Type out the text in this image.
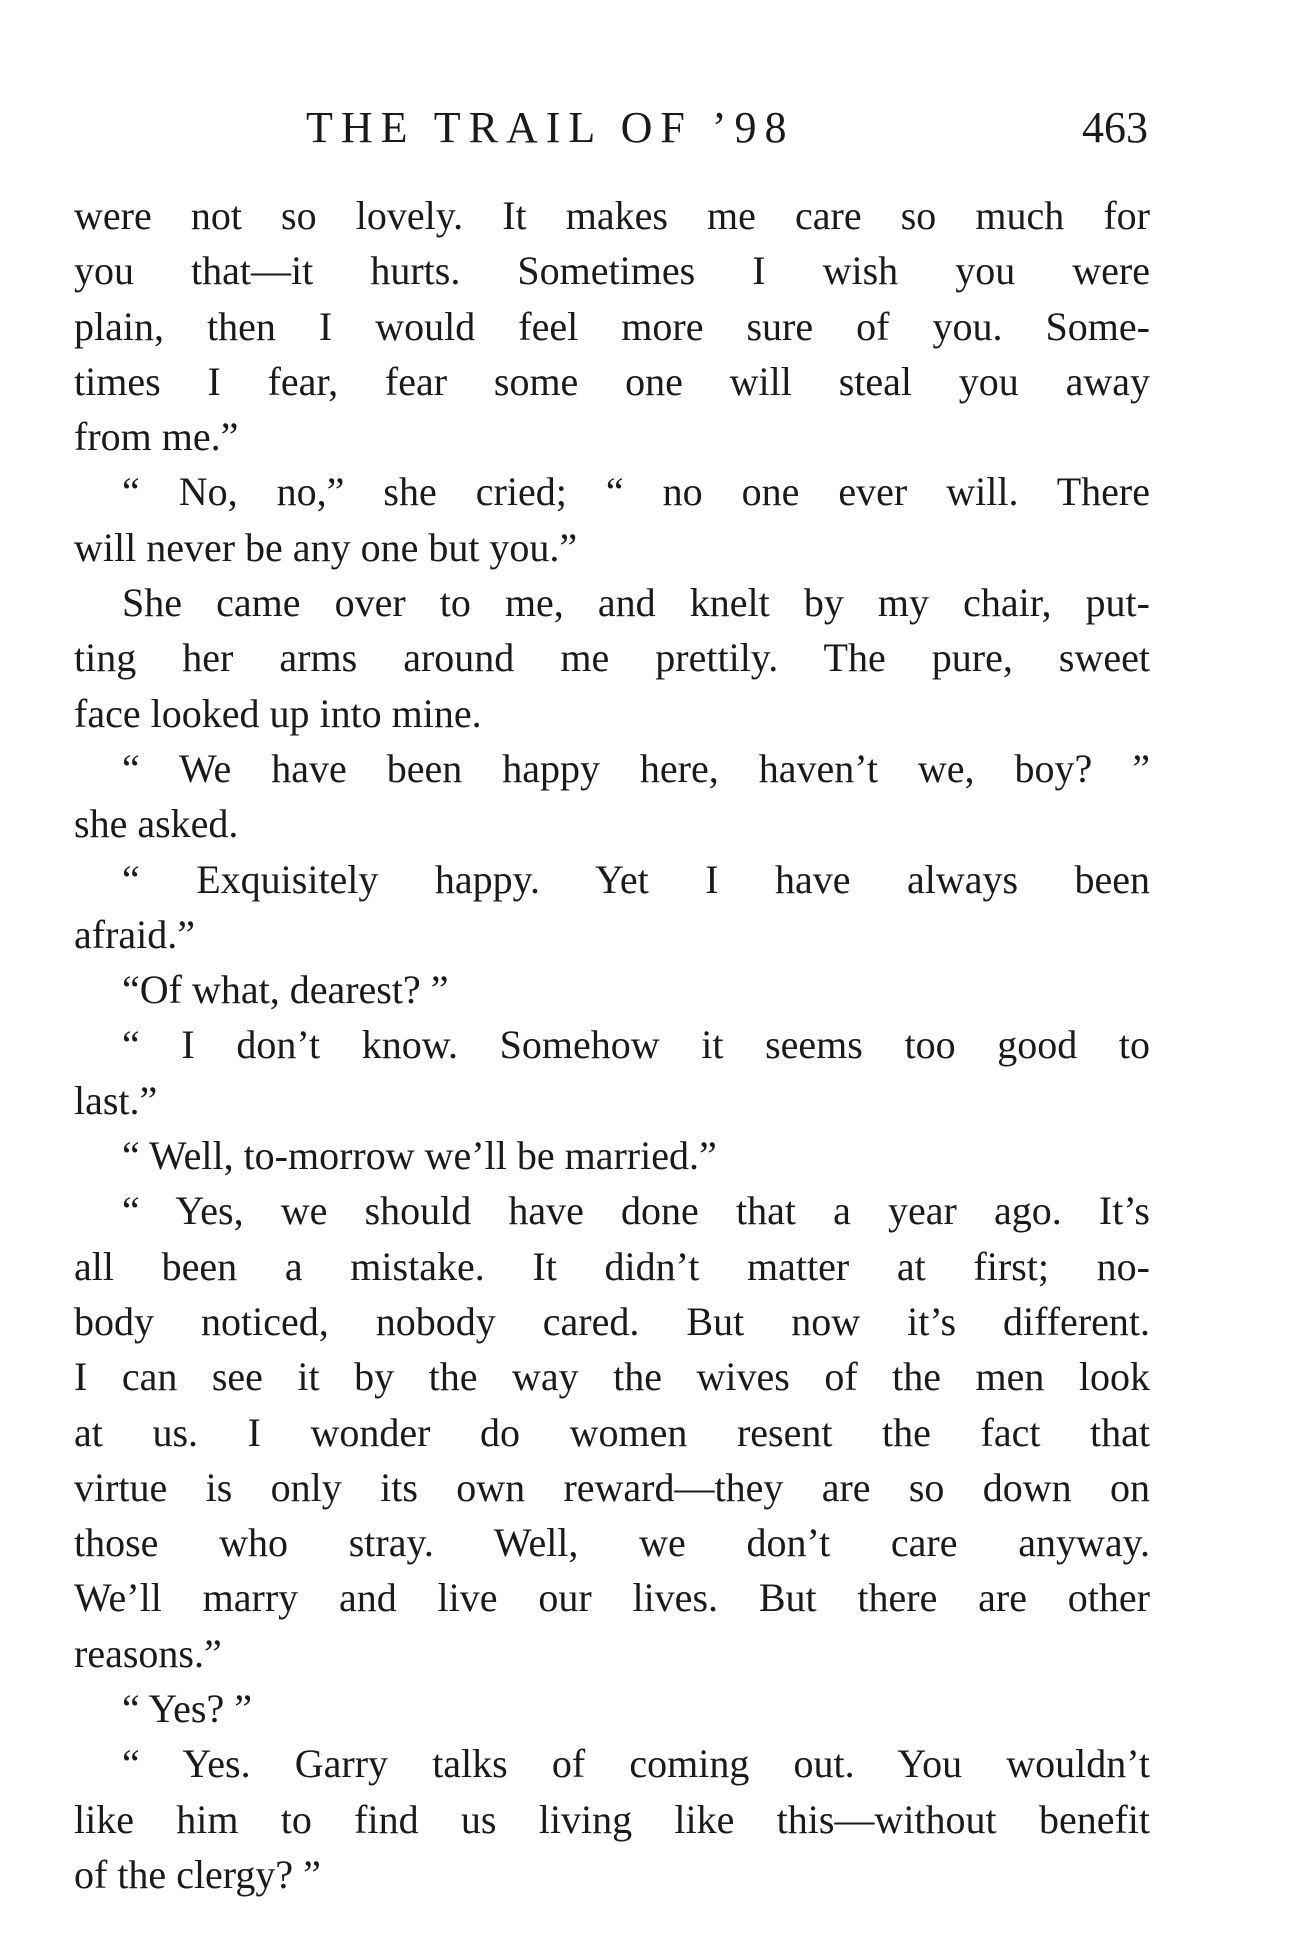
THE TRAIL OF ’98	463
were not so lovely. It makes me care so much for
you that—it hurts. Sometimes I wish you were
plain, then I would feel more sure of you. Some-
times I fear, fear some one will steal you away
from me.”
“ No, no,” she cried; “ no one ever will. There
will never be any one but you.”
She came over to me, and knelt by my chair, put-
ting her arms around me prettily. The pure, sweet
face looked up into mine.
“ We have been happy here, haven’t we, boy? ”
she asked.
“ Exquisitely happy. Yet I have always been
afraid.”
“Of what, dearest? ”
“ I don’t know. Somehow it seems too good to
last.”
“ Well, to-morrow we’ll be married.”
“ Yes, we should have done that a year ago. It’s
all been a mistake. It didn’t matter at first; no-
body noticed, nobody cared. But now it’s different.
I can see it by the way the wives of the men look
at us. I wonder do women resent the fact that
virtue is only its own reward—they are so down on
those who stray. Well, we don’t care anyway.
We’ll marry and live our lives. But there are other
reasons.”
“ Yes? ”
“ Yes. Garry talks of coming out. You wouldn’t
like him to find us living like this—without benefit
of the clergy? ”
